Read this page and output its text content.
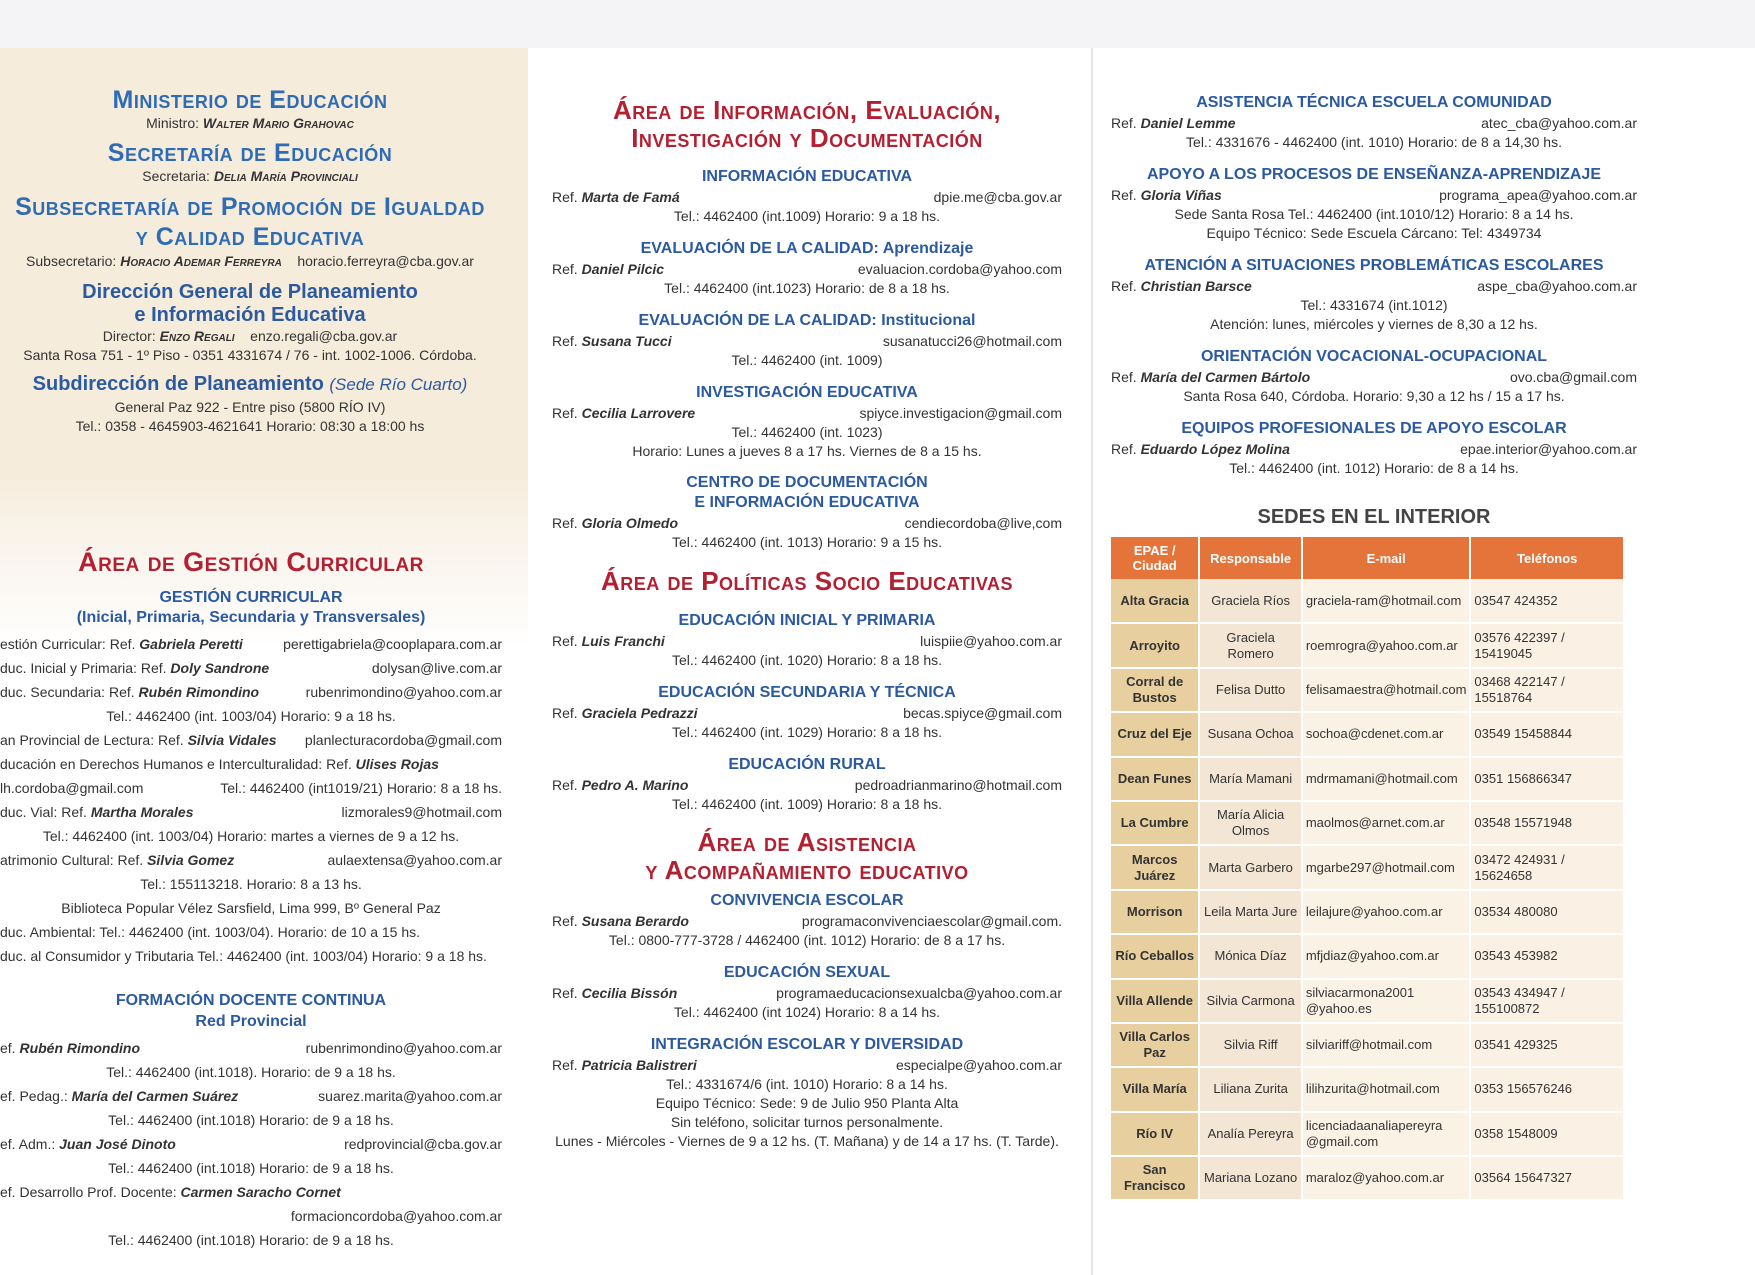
Ministerio de Educación
Ministro: Walter Mario Grahovac
Secretaría de Educación
Secretaria: Delia María Provinciali
Subsecretaría de Promoción de Igualdad
y Calidad Educativa
Subsecretario: Horacio Ademar Ferreyra horacio.ferreyra@cba.gov.ar
Dirección General de Planeamiento
e Información Educativa
Director: Enzo Regali enzo.regali@cba.gov.ar
Santa Rosa 751 - 1º Piso - 0351 4331674 / 76 - int. 1002-1006. Córdoba.
Subdirección de Planeamiento (Sede Río Cuarto)
General Paz 922 - Entre piso (5800 RÍO IV)
Tel.: 0358 - 4645903-4621641 Horario: 08:30 a 18:00 hs
Área de Gestión Curricular
GESTIÓN CURRICULAR
(Inicial, Primaria, Secundaria y Transversales)
estión Curricular: Ref. Gabriela Peretti	perettigabriela@cooplapara.com.ar
duc. Inicial y Primaria: Ref. Doly Sandrone	dolysan@live.com.ar
duc. Secundaria: Ref. Rubén Rimondino	rubenrimondino@yahoo.com.ar
Tel.: 4462400 (int. 1003/04) Horario: 9 a 18 hs.
an Provincial de Lectura: Ref. Silvia Vidales planlecturacordoba@gmail.com
ducación en Derechos Humanos e Interculturalidad: Ref. Ulises Rojas
lh.cordoba@gmail.com	Tel.: 4462400 (int1019/21) Horario: 8 a 18 hs.
duc. Vial: Ref. Martha Morales	lizmorales9@hotmail.com
Tel.: 4462400 (int. 1003/04) Horario: martes a viernes de 9 a 12 hs.
atrimonio Cultural: Ref. Silvia Gomez	aulaextensa@yahoo.com.ar
Tel.: 155113218. Horario: 8 a 13 hs.
Biblioteca Popular Vélez Sarsfield, Lima 999, Bº General Paz
duc. Ambiental: Tel.: 4462400 (int. 1003/04). Horario: de 10 a 15 hs.
duc. al Consumidor y Tributaria Tel.: 4462400 (int. 1003/04) Horario: 9 a 18 hs.
FORMACIÓN DOCENTE CONTINUA
Red Provincial
ef. Rubén Rimondino	rubenrimondino@yahoo.com.ar
Tel.: 4462400 (int.1018). Horario: de 9 a 18 hs.
ef. Pedag.: María del Carmen Suárez	suarez.marita@yahoo.com.ar
Tel.: 4462400 (int.1018) Horario: de 9 a 18 hs.
ef. Adm.: Juan José Dinoto	redprovincial@cba.gov.ar
Tel.: 4462400 (int.1018) Horario: de 9 a 18 hs.
ef. Desarrollo Prof. Docente: Carmen Saracho Cornet
formacioncordoba@yahoo.com.ar
Tel.: 4462400 (int.1018) Horario: de 9 a 18 hs.
Área de Información, Evaluación,
Investigación y Documentación
INFORMACIÓN EDUCATIVA
Ref. Marta de Famá	dpie.me@cba.gov.ar
Tel.: 4462400 (int.1009) Horario: 9 a 18 hs.
EVALUACIÓN DE LA CALIDAD: Aprendizaje
Ref. Daniel Pilcic	evaluacion.cordoba@yahoo.com
Tel.: 4462400 (int.1023) Horario: de 8 a 18 hs.
EVALUACIÓN DE LA CALIDAD: Institucional
Ref. Susana Tucci	susanatucci26@hotmail.com
Tel.: 4462400 (int. 1009)
INVESTIGACIÓN EDUCATIVA
Ref. Cecilia Larrovere	spiyce.investigacion@gmail.com
Tel.: 4462400 (int. 1023)
Horario: Lunes a jueves 8 a 17 hs. Viernes de 8 a 15 hs.
CENTRO DE DOCUMENTACIÓN
E INFORMACIÓN EDUCATIVA
Ref. Gloria Olmedo	cendiecordoba@live,com
Tel.: 4462400 (int. 1013) Horario: 9 a 15 hs.
Área de Políticas Socio Educativas
EDUCACIÓN INICIAL Y PRIMARIA
Ref. Luis Franchi	luispiie@yahoo.com.ar
Tel.: 4462400 (int. 1020) Horario: 8 a 18 hs.
EDUCACIÓN SECUNDARIA Y TÉCNICA
Ref. Graciela Pedrazzi	becas.spiyce@gmail.com
Tel.: 4462400 (int. 1029) Horario: 8 a 18 hs.
EDUCACIÓN RURAL
Ref. Pedro A. Marino	pedroadrianmarino@hotmail.com
Tel.: 4462400 (int. 1009) Horario: 8 a 18 hs.
Área de Asistencia
y Acompañamiento educativo
CONVIVENCIA ESCOLAR
Ref. Susana Berardo	programaconvivenciaescolar@gmail.com.
Tel.: 0800-777-3728 / 4462400 (int. 1012) Horario: de 8 a 17 hs.
EDUCACIÓN SEXUAL
Ref. Cecilia Bissón	programaeducacionsexualcba@yahoo.com.ar
Tel.: 4462400 (int 1024) Horario: 8 a 14 hs.
INTEGRACIÓN ESCOLAR Y DIVERSIDAD
Ref. Patricia Balistreri	especialpe@yahoo.com.ar
Tel.: 4331674/6 (int. 1010) Horario: 8 a 14 hs.
Equipo Técnico: Sede: 9 de Julio 950 Planta Alta
Sin teléfono, solicitar turnos personalmente.
Lunes - Miércoles - Viernes de 9 a 12 hs. (T. Mañana) y de 14 a 17 hs. (T. Tarde).
ASISTENCIA TÉCNICA ESCUELA COMUNIDAD
Ref. Daniel Lemme	atec_cba@yahoo.com.ar
Tel.: 4331676 - 4462400 (int. 1010) Horario: de 8 a 14,30 hs.
APOYO A LOS PROCESOS DE ENSEÑANZA-APRENDIZAJE
Ref. Gloria Viñas	programa_apea@yahoo.com.ar
Sede Santa Rosa Tel.: 4462400 (int.1010/12) Horario: 8 a 14 hs.
Equipo Técnico: Sede Escuela Cárcano: Tel: 4349734
ATENCIÓN A SITUACIONES PROBLEMÁTICAS ESCOLARES
Ref. Christian Barsce	aspe_cba@yahoo.com.ar
Tel.: 4331674 (int.1012)
Atención: lunes, miércoles y viernes de 8,30 a 12 hs.
ORIENTACIÓN VOCACIONAL-OCUPACIONAL
Ref. María del Carmen Bártolo	ovo.cba@gmail.com
Santa Rosa 640, Córdoba. Horario: 9,30 a 12 hs / 15 a 17 hs.
EQUIPOS PROFESIONALES DE APOYO ESCOLAR
Ref. Eduardo López Molina	epae.interior@yahoo.com.ar
Tel.: 4462400 (int. 1012) Horario: de 8 a 14 hs.
SEDES EN EL INTERIOR
EPAE / Ciudad	Responsable	E-mail	Teléfonos
Alta Gracia	Graciela Ríos	graciela-ram@hotmail.com	03547 424352
Arroyito	Graciela Romero	roemrogra@yahoo.com.ar	03576 422397 / 15419045
Corral de Bustos	Felisa Dutto	felisamaestra@hotmail.com	03468 422147 / 15518764
Cruz del Eje	Susana Ochoa	sochoa@cdenet.com.ar	03549 15458844
Dean Funes	María Mamani	mdrmamani@hotmail.com	0351 156866347
La Cumbre	María Alicia Olmos	maolmos@arnet.com.ar	03548 15571948
Marcos Juárez	Marta Garbero	mgarbe297@hotmail.com	03472 424931 / 15624658
Morrison	Leila Marta Jure	leilajure@yahoo.com.ar	03534 480080
Río Ceballos	Mónica Díaz	mfjdiaz@yahoo.com.ar	03543 453982
Villa Allende	Silvia Carmona	silviacarmona2001 @yahoo.es	03543 434947 / 155100872
Villa Carlos Paz	Silvia Riff	silviariff@hotmail.com	03541 429325
Villa María	Liliana Zurita	lilihzurita@hotmail.com	0353 156576246
Río IV	Analía Pereyra	licenciadaanaliapereyra @gmail.com	0358 1548009
San Francisco	Mariana Lozano	maraloz@yahoo.com.ar	03564 15647327
